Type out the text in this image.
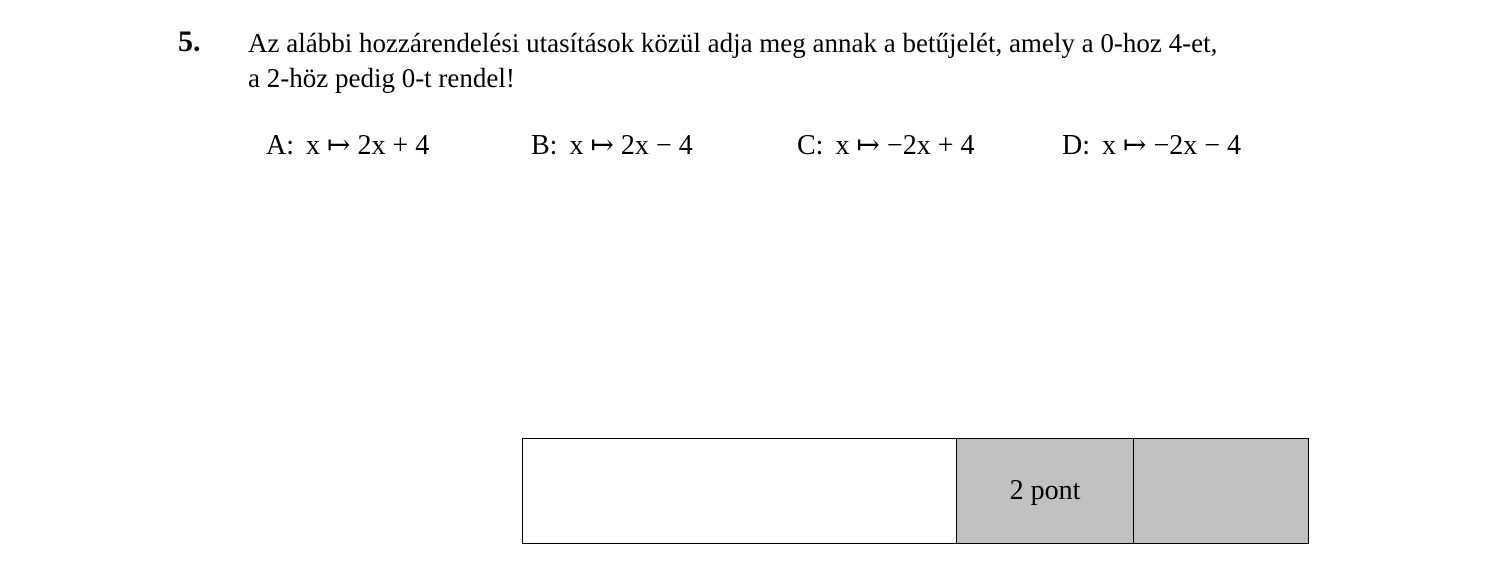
5. Az alábbi hozzárendelési utasítások közül adja meg annak a betűjelét, amely a 0-hoz 4-et,
a 2-höz pedig 0-t rendel!
A: x ↦ 2x + 4	B: x ↦ 2x − 4	C: x ↦ −2x + 4	D: x ↦ −2x − 4
2 pont
